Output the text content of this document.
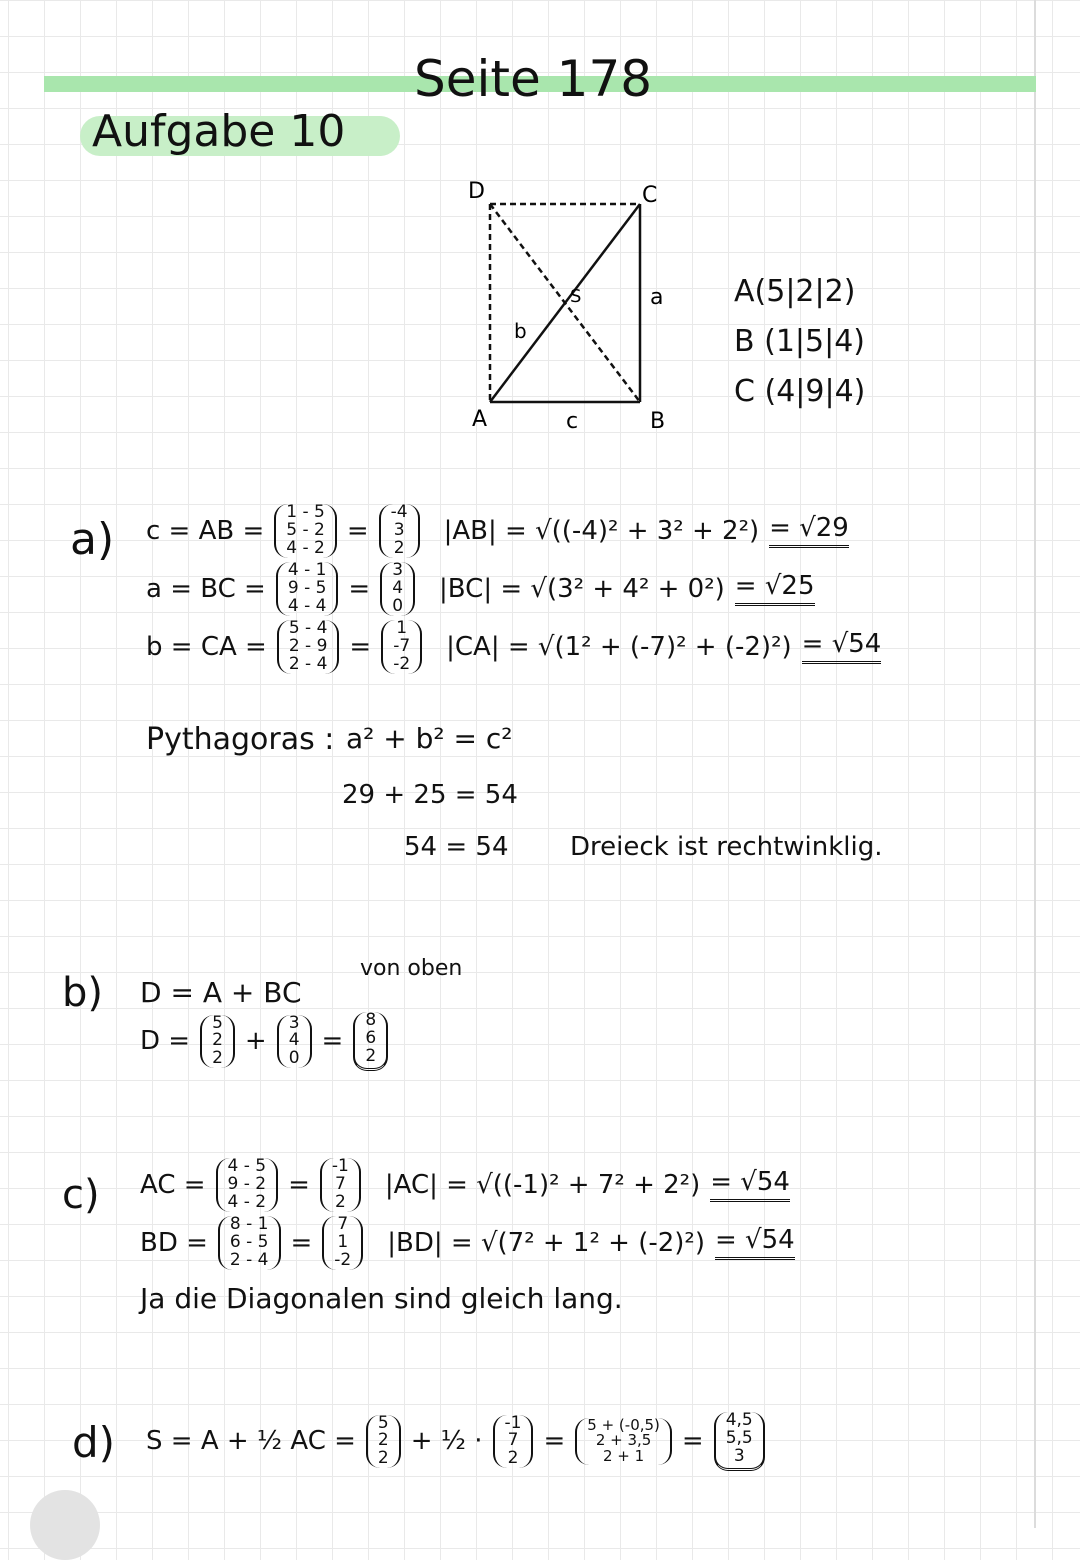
Seite 178
Aufgabe 10
D	C
A	B
a
c
b
S	A(5|2|2)
B (1|5|4)
C (4|9|4)
a) c = AB =
1 - 5
5 - 2
4 - 2
=
-4
3
2
|AB| = √((-4)² + 3² + 2²) = √29
a = BC =
4 - 1
9 - 5
4 - 4
=
3
4
0
|BC| = √(3² + 4² + 0²) = √25
b = CA =
5 - 4
2 - 9
2 - 4
=
1
-7
-2
|CA| = √(1² + (-7)² + (-2)²) = √54
Pythagoras : a² + b² = c²
29 + 25 = 54
54 = 54 Dreieck ist rechtwinklig.
b)
von oben
D = A + BC
D =
5
2
2
+
3
4
0
=
8
6
2
c) AC =
4 - 5
9 - 2
4 - 2
=
-1
7
2
|AC| = √((-1)² + 7² + 2²) = √54
BD =
8 - 1
6 - 5
2 - 4
=
7
1
-2
|BD| = √(7² + 1² + (-2)²) = √54
Ja die Diagonalen sind gleich lang.
d) S = A + ½ AC =
5
2
2
+ ½ ·
-1
7
2
=
5 + (-0,5)
2 + 3,5
2 + 1 =
4,5
5,5
3
